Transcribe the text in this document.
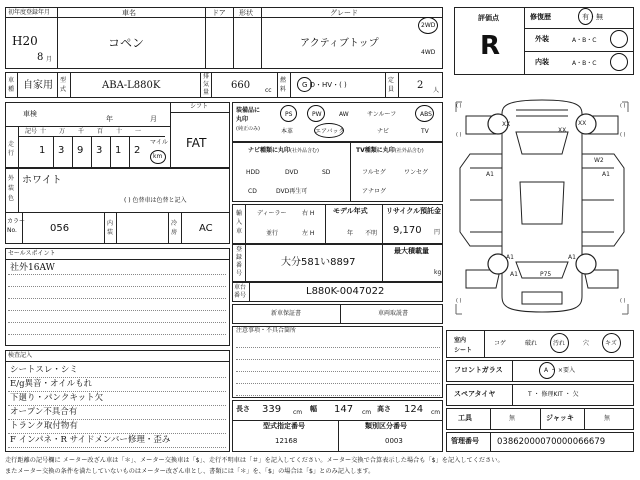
初年度登録年月	車名	ドア 形状	グレード
H20
8 月
コペン	アクティブトップ
2WD
4WD
車
種 自家用 型
式	ABA-L880K
排
気
量
660 cc
燃
料
G D・HV・( )
定
員 2 人
車検
年	月
走
行
記号 十 万 千 百 十 一
1 3 9 3 1 2
マイル
km
シフト
FAT
外
装
色
ホワイト
( ) 色替車は色替と記入
カラー
No.	056	内
装
冷
房 AC
セールスポイント
社外16AW
検査記入
シートスレ・シミ
E/g異音・オイルもれ
下廻り・パンクキット欠
オープン不具合有
トランク取付物有
F インパネ・R サイドメンバー修理・歪み
装備品に
丸印
(純正のみ)
PS	PW	AW	サンルーフ	ABS
本革	エアバック	ナビ	TV
ナビ種類に丸印(社外品含む)	TV種類に丸印(社外品含む)
HDD	DVD	SD
CD	DVD再生可
フルセグ	ワンセグ
アナログ
輸
入
車
ディーラー
並行
右 H
左 H
モデル年式
年 不明
リサイクル預託金
9,170 円
登
録
番
号
大分581い8897
最大積載量
kg
車台
番号	L880K-0047022
新車保証書	車両取説書
注意事項・不具合箇所
長さ 339 cm 幅 147 cm 高さ 124 cm
型式指定番号
12168
類別区分番号
0003
評価点
R
修復歴	有・無
外装	A・B・C
内装	A・B・C
( )
( )
( )
( )
( )	( )
XX
XX
XX
A1
W2
A1
A1
A1	P75
A1
室内
シート
コゲ	破れ	汚れ	穴	キズ
フロントガラス	A ・ ×要入
スペアタイヤ	T ・ 修理KIT ・ 欠
工具	無	ジャッキ	無
管理番号 03862000070000066679
走行距離の記号欄に メーター改ざん車は「＊」、メーター交換車は「$」、走行不明車は「＃」を記入してください。メーター交換で合算表示した場合も「$」を記入してください。
またメーター交換の条件を満たしていないものはメーター改ざん車とし、書類には「＊」を、「$」の場合は「$」とのみ記入します。
